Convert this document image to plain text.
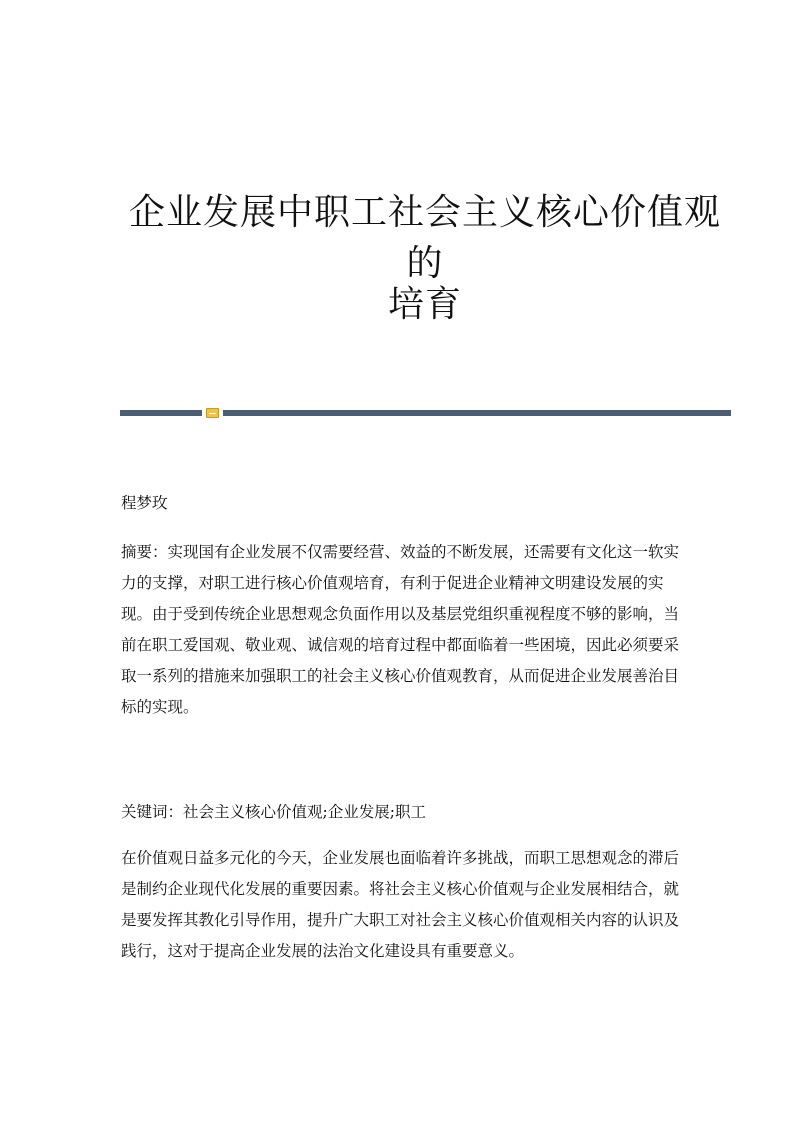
企业发展中职工社会主义核心价值观的
培育
程梦玫
摘要：实现国有企业发展不仅需要经营、效益的不断发展，还需要有文化这一软实力的支撑，对职工进行核心价值观培育，有利于促进企业精神文明建设发展的实现。由于受到传统企业思想观念负面作用以及基层党组织重视程度不够的影响，当前在职工爱国观、敬业观、诚信观的培育过程中都面临着一些困境，因此必须要采取一系列的措施来加强职工的社会主义核心价值观教育，从而促进企业发展善治目标的实现。
关键词：社会主义核心价值观;企业发展;职工
在价值观日益多元化的今天，企业发展也面临着许多挑战，而职工思想观念的滞后是制约企业现代化发展的重要因素。将社会主义核心价值观与企业发展相结合，就是要发挥其教化引导作用，提升广大职工对社会主义核心价值观相关内容的认识及践行，这对于提高企业发展的法治文化建设具有重要意义。
